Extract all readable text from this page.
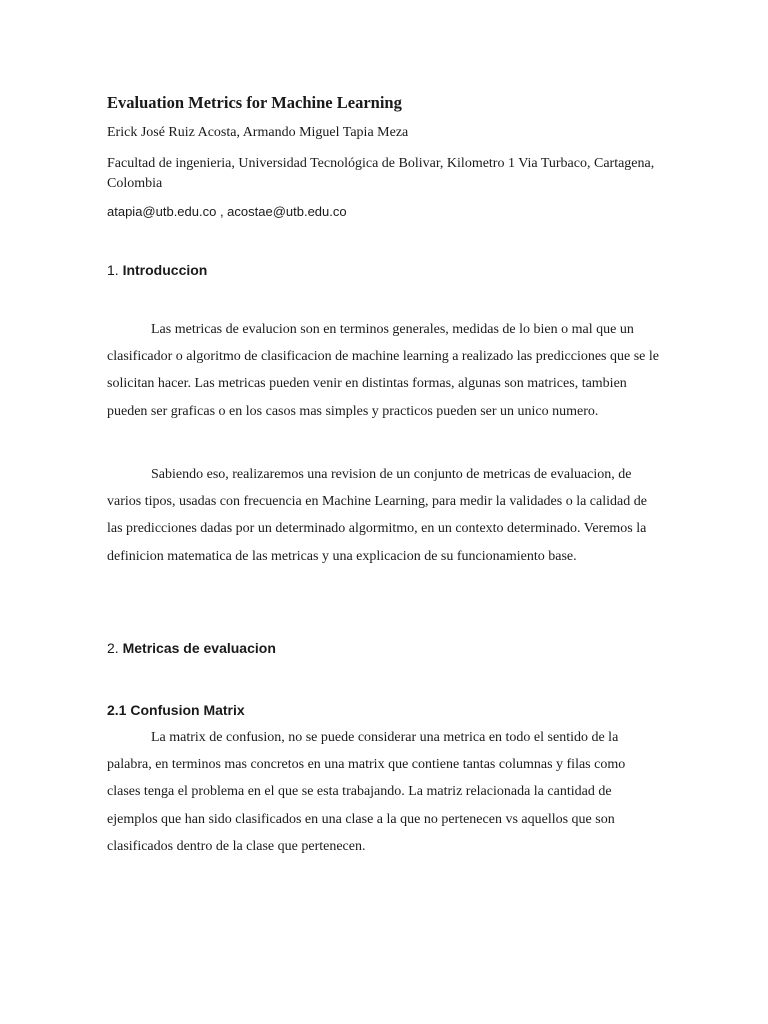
Evaluation Metrics for Machine Learning
Erick José Ruiz Acosta, Armando Miguel Tapia Meza
Facultad de ingenieria, Universidad Tecnológica de Bolivar, Kilometro 1 Via Turbaco, Cartagena, Colombia
atapia@utb.edu.co , acostae@utb.edu.co
1. Introduccion

Las metricas de evalucion son en terminos generales, medidas de lo bien o mal que un clasificador o algoritmo de clasificacion de machine learning a realizado las predicciones que se le solicitan hacer. Las metricas pueden venir en distintas formas, algunas son matrices, tambien pueden ser graficas o en los casos mas simples y practicos pueden ser un unico numero.

Sabiendo eso, realizaremos una revision de un conjunto de metricas de evaluacion, de varios tipos, usadas con frecuencia en Machine Learning, para medir la validades o la calidad de las predicciones dadas por un determinado algormitmo, en un contexto determinado. Veremos la definicion matematica de las metricas y una explicacion de su funcionamiento base.

2. Metricas de evaluacion
2.1 Confusion Matrix

La matrix de confusion, no se puede considerar una metrica en todo el sentido de la palabra, en terminos mas concretos en una matrix que contiene tantas columnas y filas como clases tenga el problema en el que se esta trabajando. La matriz relacionada la cantidad de ejemplos que han sido clasificados en una clase a la que no pertenecen vs aquellos que son clasificados dentro de la clase que pertenecen.
